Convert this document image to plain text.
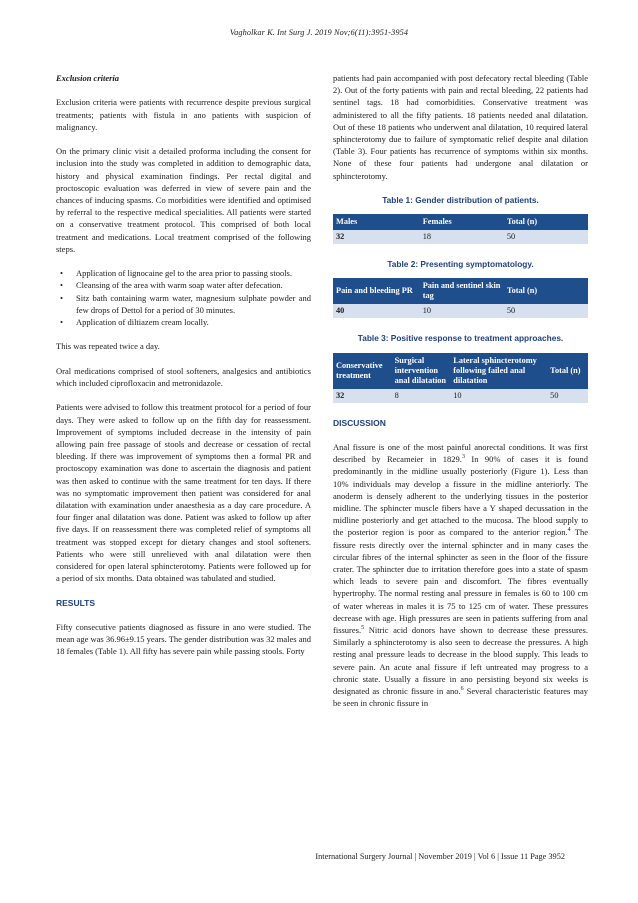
Vagholkar K. Int Surg J. 2019 Nov;6(11):3951-3954
Exclusion criteria

Exclusion criteria were patients with recurrence despite previous surgical treatments; patients with fistula in ano patients with suspicion of malignancy.

On the primary clinic visit a detailed proforma including the consent for inclusion into the study was completed in addition to demographic data, history and physical examination findings. Per rectal digital and proctoscopic evaluation was deferred in view of severe pain and the chances of inducing spasms. Co morbidities were identified and optimised by referral to the respective medical specialities. All patients were started on a conservative treatment protocol. This comprised of both local treatment and medications. Local treatment comprised of the following steps.

• Application of lignocaine gel to the area prior to passing stools.
• Cleansing of the area with warm soap water after defecation.
• Sitz bath containing warm water, magnesium sulphate powder and few drops of Dettol for a period of 30 minutes.
• Application of diltiazem cream locally.

This was repeated twice a day.

Oral medications comprised of stool softeners, analgesics and antibiotics which included ciprofloxacin and metronidazole.

Patients were advised to follow this treatment protocol for a period of four days. They were asked to follow up on the fifth day for reassessment. Improvement of symptoms included decrease in the intensity of pain allowing pain free passage of stools and decrease or cessation of rectal bleeding. If there was improvement of symptoms then a formal PR and proctoscopy examination was done to ascertain the diagnosis and patient was then asked to continue with the same treatment for ten days. If there was no symptomatic improvement then patient was considered for anal dilatation with examination under anaesthesia as a day care procedure. A four finger anal dilatation was done. Patient was asked to follow up after five days. If on reassessment there was completed relief of symptoms all treatment was stopped except for dietary changes and stool softeners. Patients who were still unrelieved with anal dilatation were then considered for open lateral sphincterotomy. Patients were followed up for a period of six months. Data obtained was tabulated and studied.

RESULTS

Fifty consecutive patients diagnosed as fissure in ano were studied. The mean age was 36.96±9.15 years. The gender distribution was 32 males and 18 females (Table 1). All fifty has severe pain while passing stools. Forty

patients had pain accompanied with post defecatory rectal bleeding (Table 2). Out of the forty patients with pain and rectal bleeding, 22 patients had sentinel tags. 18 had comorbidities. Conservative treatment was administered to all the fifty patients. 18 patients needed anal dilatation. Out of these 18 patients who underwent anal dilatation, 10 required lateral sphincterotomy due to failure of symptomatic relief despite anal dilation (Table 3). Four patients has recurrence of symptoms within six months. None of these four patients had undergone anal dilatation or sphincterotomy.

Table 1: Gender distribution of patients.
Males	Females	Total (n)
32	18	50
Table 2: Presenting symptomatology.
Pain and bleeding PR	Pain and sentinel skin tag	Total (n)
40	10	50
Table 3: Positive response to treatment approaches.
Conservative treatment	Surgical intervention anal dilatation	Lateral sphincterotomy following failed anal dilatation	Total (n)
32	8	10	50
DISCUSSION

Anal fissure is one of the most painful anorectal conditions. It was first described by Recameier in 1829.$^3$ In 90% of cases it is found predominantly in the midline usually posteriorly (Figure 1). Less than 10% individuals may develop a fissure in the midline anteriorly. The anoderm is densely adherent to the underlying tissues in the posterior midline. The sphincter muscle fibers have a Y shaped decussation in the midline posteriorly and get attached to the mucosa. The blood supply to the posterior region is poor as compared to the anterior region.$^4$ The fissure rests directly over the internal sphincter and in many cases the circular fibres of the internal sphincter as seen in the floor of the fissure crater. The sphincter due to irritation therefore goes into a state of spasm which leads to severe pain and discomfort. The fibres eventually hypertrophy. The normal resting anal pressure in females is 60 to 100 cm of water whereas in males it is 75 to 125 cm of water. These pressures decrease with age. High pressures are seen in patients suffering from anal fissures.$^5$ Nitric acid donors have shown to decrease these pressures. Similarly a sphincterotomy is also seen to decrease the pressures. A high resting anal pressure leads to decrease in the blood supply. This leads to severe pain. An acute anal fissure if left untreated may progress to a chronic state. Usually a fissure in ano persisting beyond six weeks is designated as chronic fissure in ano.$^6$ Several characteristic features may be seen in chronic fissure in

International Surgery Journal | November 2019 | Vol 6 | Issue 11 Page 3952
